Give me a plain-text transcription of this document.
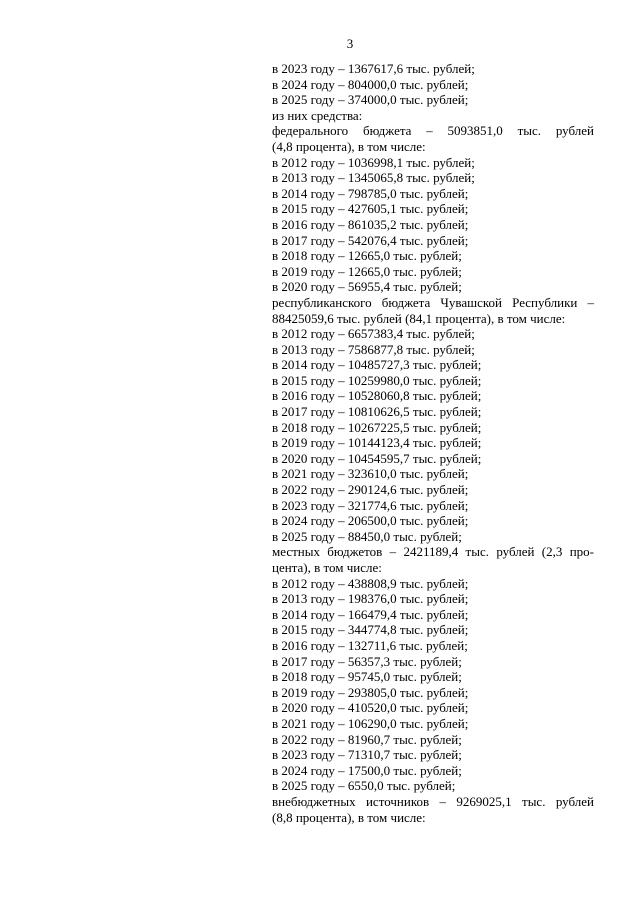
3
в 2023 году – 1367617,6 тыс. рублей;
в 2024 году – 804000,0 тыс. рублей;
в 2025 году – 374000,0 тыс. рублей;
из них средства:
федерального бюджета – 5093851,0 тыс. рублей
(4,8 процента), в том числе:
в 2012 году – 1036998,1 тыс. рублей;
в 2013 году – 1345065,8 тыс. рублей;
в 2014 году – 798785,0 тыс. рублей;
в 2015 году – 427605,1 тыс. рублей;
в 2016 году – 861035,2 тыс. рублей;
в 2017 году – 542076,4 тыс. рублей;
в 2018 году – 12665,0 тыс. рублей;
в 2019 году – 12665,0 тыс. рублей;
в 2020 году – 56955,4 тыс. рублей;
республиканского бюджета Чувашской Республики –
88425059,6 тыс. рублей (84,1 процента), в том числе:
в 2012 году – 6657383,4 тыс. рублей;
в 2013 году – 7586877,8 тыс. рублей;
в 2014 году – 10485727,3 тыс. рублей;
в 2015 году – 10259980,0 тыс. рублей;
в 2016 году – 10528060,8 тыс. рублей;
в 2017 году – 10810626,5 тыс. рублей;
в 2018 году – 10267225,5 тыс. рублей;
в 2019 году – 10144123,4 тыс. рублей;
в 2020 году – 10454595,7 тыс. рублей;
в 2021 году – 323610,0 тыс. рублей;
в 2022 году – 290124,6 тыс. рублей;
в 2023 году – 321774,6 тыс. рублей;
в 2024 году – 206500,0 тыс. рублей;
в 2025 году – 88450,0 тыс. рублей;
местных бюджетов – 2421189,4 тыс. рублей (2,3 про-
цента), в том числе:
в 2012 году – 438808,9 тыс. рублей;
в 2013 году – 198376,0 тыс. рублей;
в 2014 году – 166479,4 тыс. рублей;
в 2015 году – 344774,8 тыс. рублей;
в 2016 году – 132711,6 тыс. рублей;
в 2017 году – 56357,3 тыс. рублей;
в 2018 году – 95745,0 тыс. рублей;
в 2019 году – 293805,0 тыс. рублей;
в 2020 году – 410520,0 тыс. рублей;
в 2021 году – 106290,0 тыс. рублей;
в 2022 году – 81960,7 тыс. рублей;
в 2023 году – 71310,7 тыс. рублей;
в 2024 году – 17500,0 тыс. рублей;
в 2025 году – 6550,0 тыс. рублей;
внебюджетных источников – 9269025,1 тыс. рублей
(8,8 процента), в том числе:
